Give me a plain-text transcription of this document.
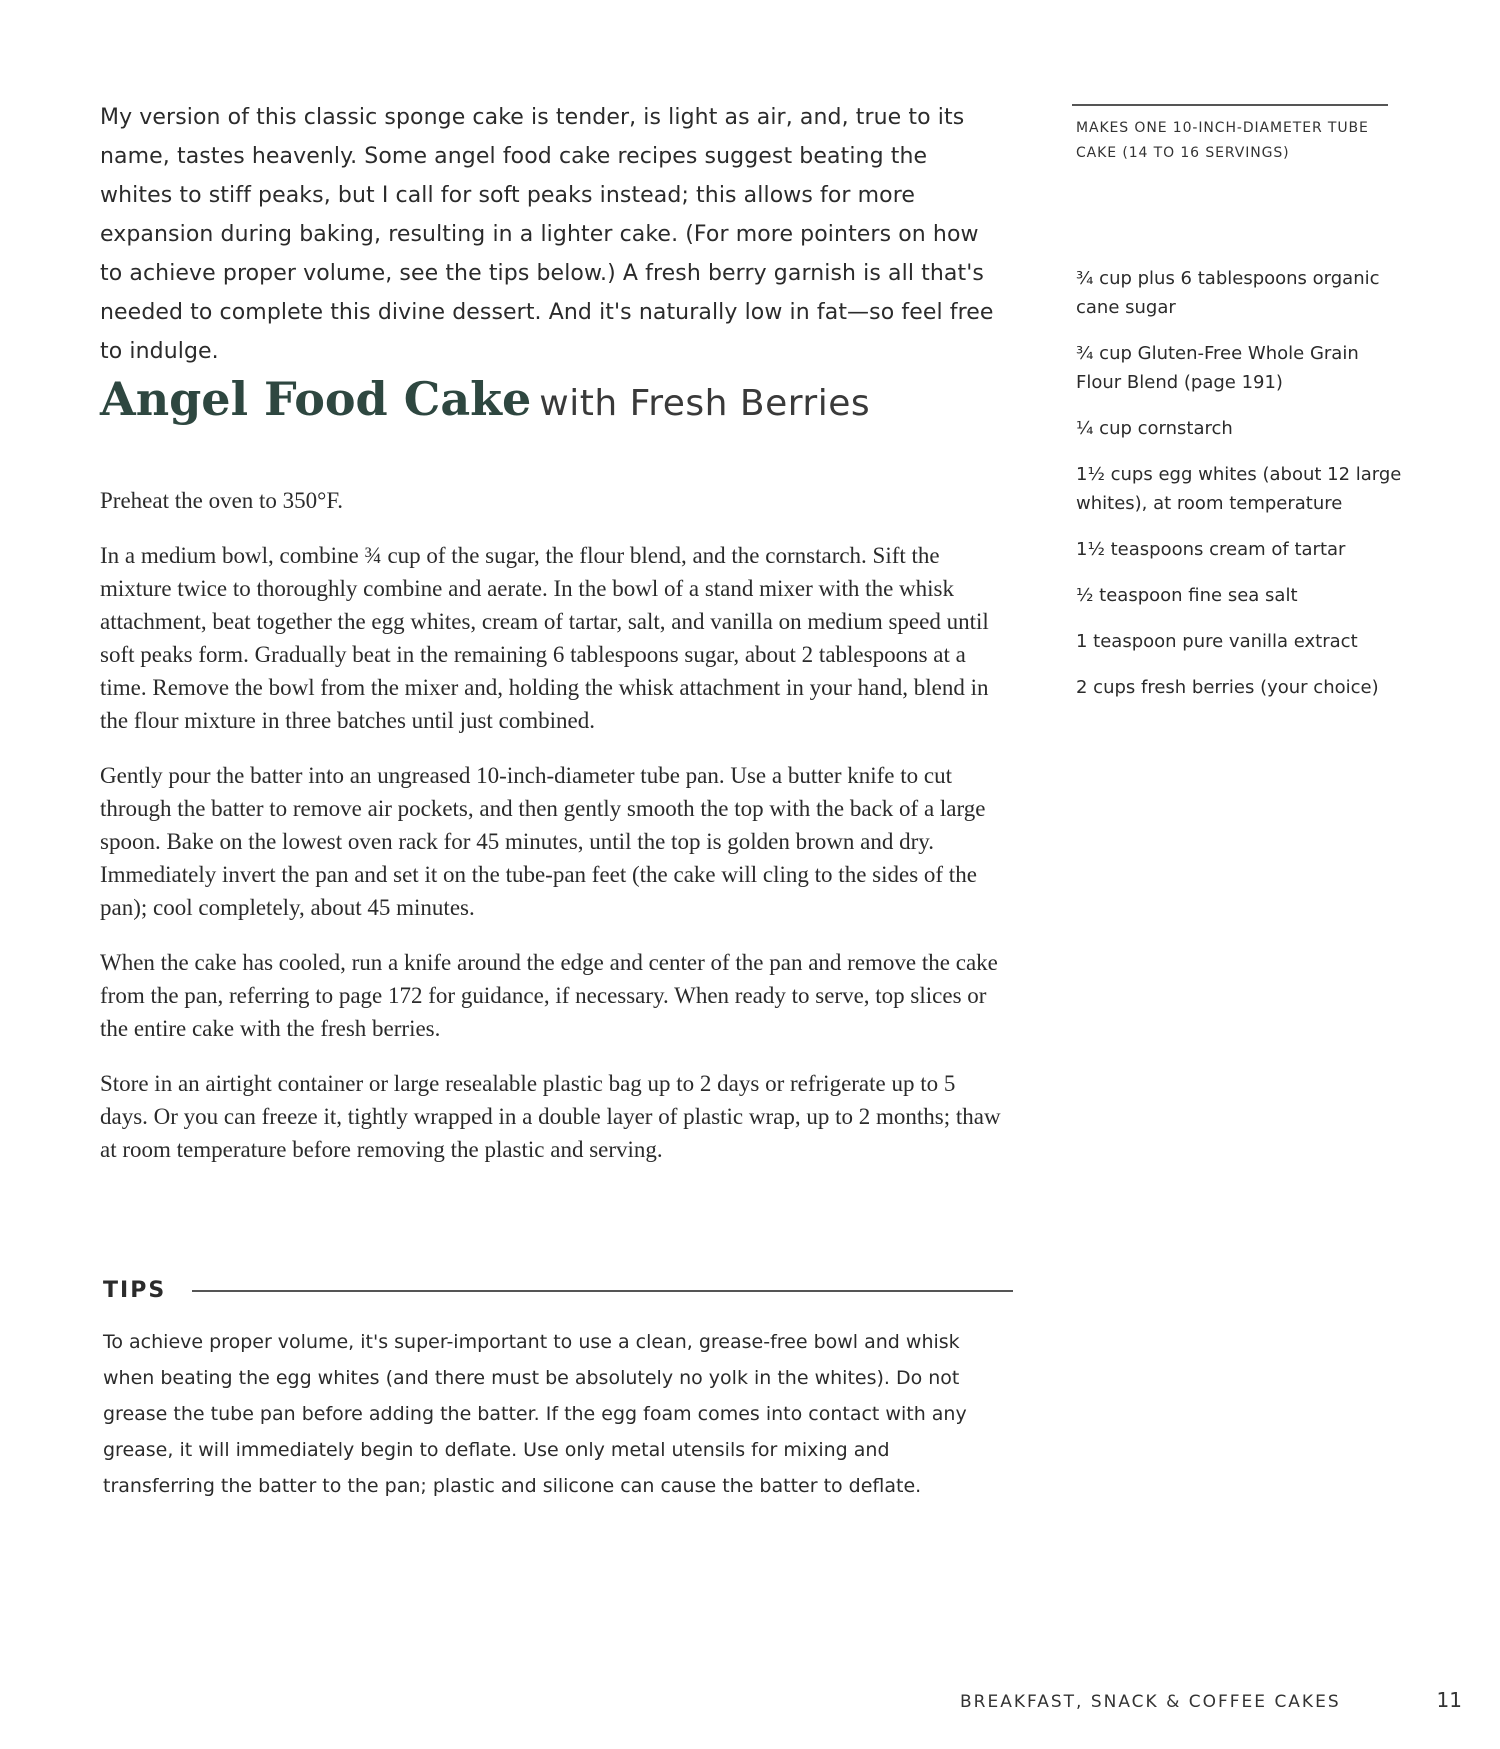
My version of this classic sponge cake is tender, is light as air, and, true to its name, tastes heavenly. Some angel food cake recipes suggest beating the whites to stiff peaks, but I call for soft peaks instead; this allows for more expansion during baking, resulting in a lighter cake. (For more pointers on how to achieve proper volume, see the tips below.) A fresh berry garnish is all that's needed to complete this divine dessert. And it's naturally low in fat—so feel free to indulge.

Angel Food Cake with Fresh Berries

Preheat the oven to 350°F.

In a medium bowl, combine ¾ cup of the sugar, the flour blend, and the cornstarch. Sift the mixture twice to thoroughly combine and aerate. In the bowl of a stand mixer with the whisk attachment, beat together the egg whites, cream of tartar, salt, and vanilla on medium speed until soft peaks form. Gradually beat in the remaining 6 tablespoons sugar, about 2 tablespoons at a time. Remove the bowl from the mixer and, holding the whisk attachment in your hand, blend in the flour mixture in three batches until just combined.

Gently pour the batter into an ungreased 10-inch-diameter tube pan. Use a butter knife to cut through the batter to remove air pockets, and then gently smooth the top with the back of a large spoon. Bake on the lowest oven rack for 45 minutes, until the top is golden brown and dry. Immediately invert the pan and set it on the tube-pan feet (the cake will cling to the sides of the pan); cool completely, about 45 minutes.

When the cake has cooled, run a knife around the edge and center of the pan and remove the cake from the pan, referring to page 172 for guidance, if necessary. When ready to serve, top slices or the entire cake with the fresh berries.

Store in an airtight container or large resealable plastic bag up to 2 days or refrigerate up to 5 days. Or you can freeze it, tightly wrapped in a double layer of plastic wrap, up to 2 months; thaw at room temperature before removing the plastic and serving.

TIPS

To achieve proper volume, it's super-important to use a clean, grease-free bowl and whisk when beating the egg whites (and there must be absolutely no yolk in the whites). Do not grease the tube pan before adding the batter. If the egg foam comes into contact with any grease, it will immediately begin to deflate. Use only metal utensils for mixing and transferring the batter to the pan; plastic and silicone can cause the batter to deflate.

MAKES ONE 10-INCH-DIAMETER TUBE CAKE (14 TO 16 SERVINGS)

¾ cup plus 6 tablespoons organic cane sugar
¾ cup Gluten-Free Whole Grain Flour Blend (page 191)
¼ cup cornstarch
1½ cups egg whites (about 12 large whites), at room temperature
1½ teaspoons cream of tartar
½ teaspoon fine sea salt
1 teaspoon pure vanilla extract
2 cups fresh berries (your choice)
BREAKFAST, SNACK & COFFEE CAKES	11
